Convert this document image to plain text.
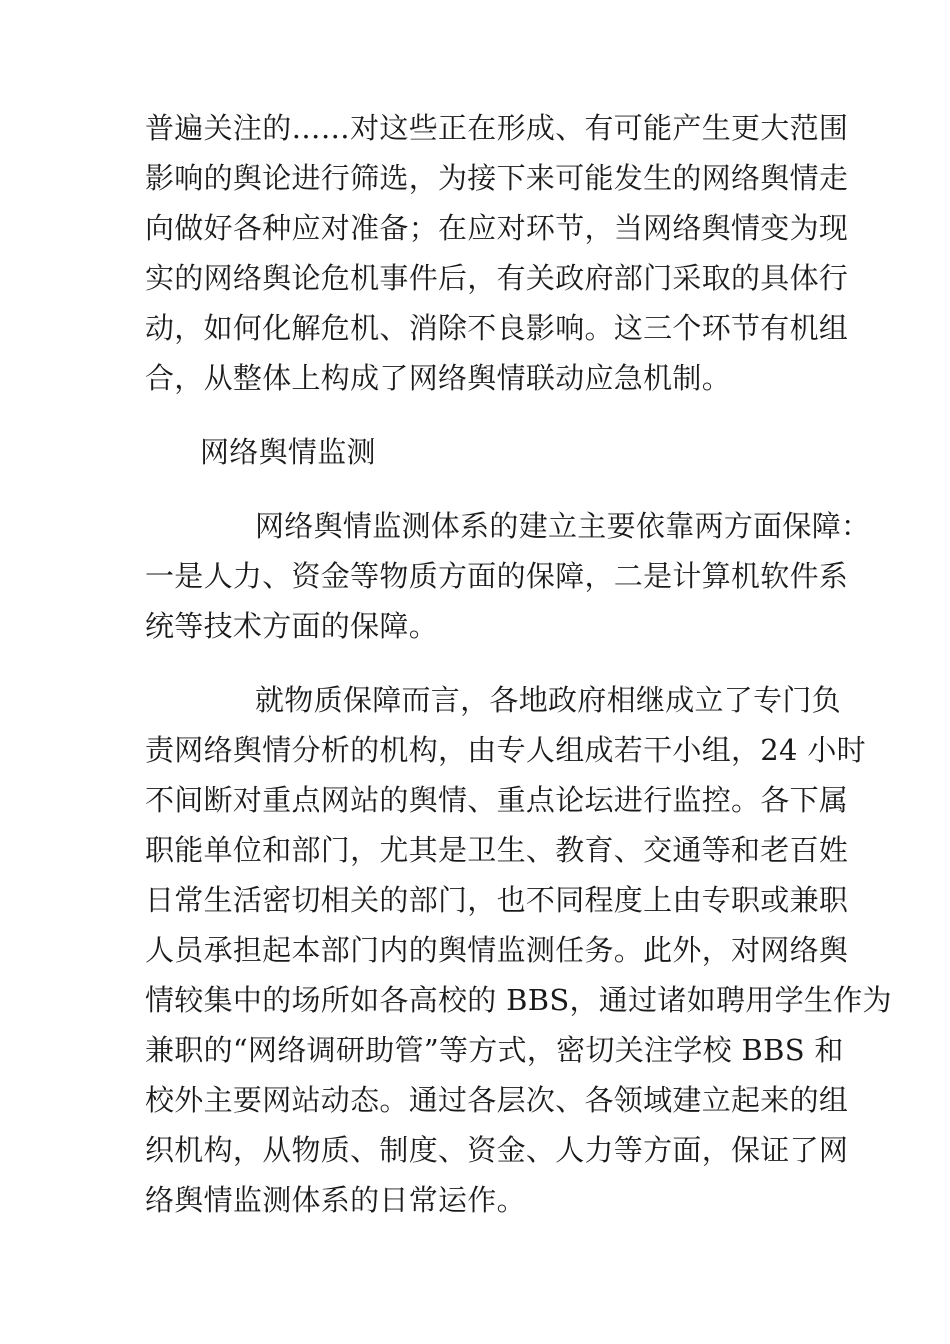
普遍关注的……对这些正在形成、有可能产生更大范围
影响的舆论进行筛选，为接下来可能发生的网络舆情走
向做好各种应对准备；在应对环节，当网络舆情变为现
实的网络舆论危机事件后，有关政府部门采取的具体行
动，如何化解危机、消除不良影响。这三个环节有机组
合，从整体上构成了网络舆情联动应急机制。
网络舆情监测
网络舆情监测体系的建立主要依靠两方面保障：
一是人力、资金等物质方面的保障，二是计算机软件系
统等技术方面的保障。
就物质保障而言，各地政府相继成立了专门负
责网络舆情分析的机构，由专人组成若干小组，24 小时
不间断对重点网站的舆情、重点论坛进行监控。各下属
职能单位和部门，尤其是卫生、教育、交通等和老百姓
日常生活密切相关的部门，也不同程度上由专职或兼职
人员承担起本部门内的舆情监测任务。此外，对网络舆
情较集中的场所如各高校的 BBS，通过诸如聘用学生作为
兼职的“网络调研助管”等方式，密切关注学校 BBS 和
校外主要网站动态。通过各层次、各领域建立起来的组
织机构，从物质、制度、资金、人力等方面，保证了网
络舆情监测体系的日常运作。
